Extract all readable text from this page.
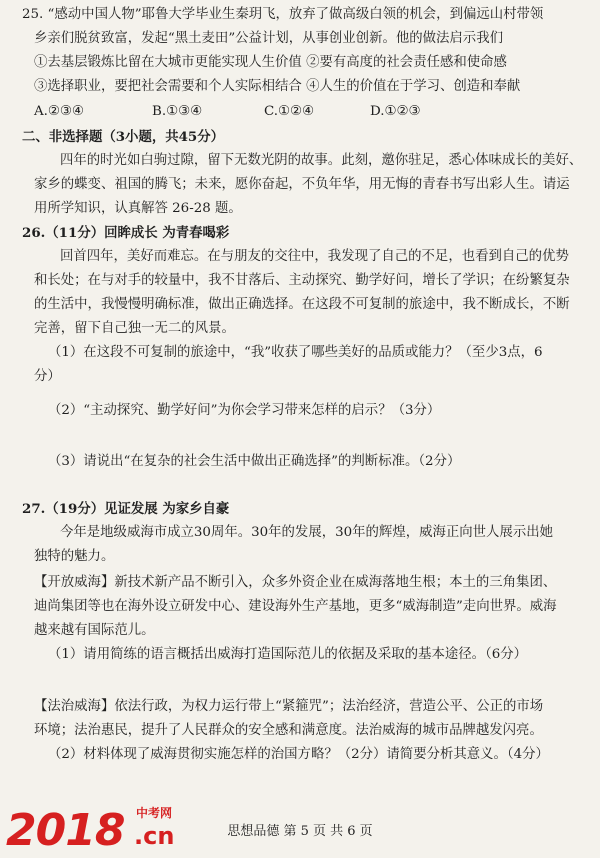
25. “感动中国人物”耶鲁大学毕业生秦玥飞，放弃了做高级白领的机会，到偏远山村带领
乡亲们脱贫致富，发起“黑土麦田”公益计划，从事创业创新。他的做法启示我们
①去基层锻炼比留在大城市更能实现人生价值 ②要有高度的社会责任感和使命感
③选择职业，要把社会需要和个人实际相结合 ④人生的价值在于学习、创造和奉献
A.②③④	B.①③④	C.①②④	D.①②③
二、非选择题（3小题，共45分）
四年的时光如白驹过隙，留下无数光阴的故事。此刻，邀你驻足，悉心体味成长的美好、
家乡的蝶变、祖国的腾飞；未来，愿你奋起，不负年华，用无悔的青春书写出彩人生。请运
用所学知识，认真解答 26-28 题。
26.（11分）回眸成长 为青春喝彩
回首四年，美好而难忘。在与朋友的交往中，我发现了自己的不足，也看到自己的优势
和长处；在与对手的较量中，我不甘落后、主动探究、勤学好问，增长了学识；在纷繁复杂
的生活中，我慢慢明确标准，做出正确选择。在这段不可复制的旅途中，我不断成长，不断
完善，留下自己独一无二的风景。
（1）在这段不可复制的旅途中，“我”收获了哪些美好的品质或能力？（至少3点，6
分）
（2）“主动探究、勤学好问”为你会学习带来怎样的启示？（3分）
（3）请说出“在复杂的社会生活中做出正确选择”的判断标准。（2分）
27.（19分）见证发展 为家乡自豪
今年是地级威海市成立30周年。30年的发展，30年的辉煌，威海正向世人展示出她
独特的魅力。
【开放威海】新技术新产品不断引入，众多外资企业在威海落地生根；本土的三角集团、
迪尚集团等也在海外设立研发中心、建设海外生产基地，更多“威海制造”走向世界。威海
越来越有国际范儿。
（1）请用简练的语言概括出威海打造国际范儿的依据及采取的基本途径。（6分）
【法治威海】依法行政，为权力运行带上“紧箍咒”；法治经济，营造公平、公正的市场
环境；法治惠民，提升了人民群众的安全感和满意度。法治威海的城市品牌越发闪亮。
（2）材料体现了威海贯彻实施怎样的治国方略？（2分）请简要分析其意义。（4分）
2018 中考网
.cn	思想品德 第 5 页 共 6 页
